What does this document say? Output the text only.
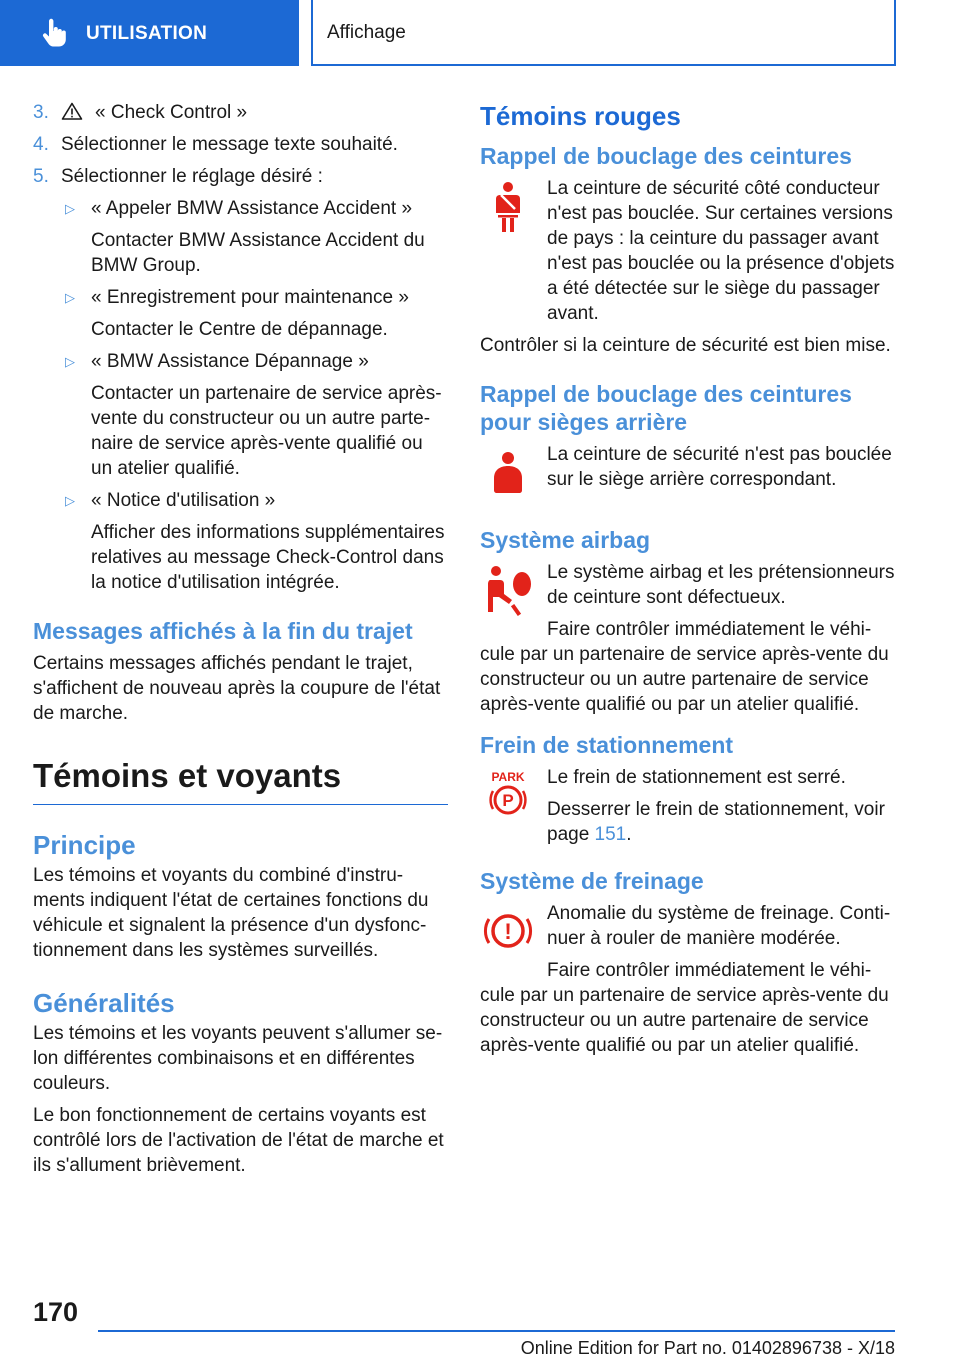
UTILISATION	Affichage
3.	« Check Control »
4. Sélectionner le message texte souhaité.
5. Sélectionner le réglage désiré :
▷ « Appeler BMW Assistance Accident »

Contacter BMW Assistance Accident du BMW Group.

▷ « Enregistrement pour maintenance »

Contacter le Centre de dépannage.

▷ « BMW Assistance Dépannage »

Contacter un partenaire de service après-vente du constructeur ou un autre parte‐naire de service après-vente qualifié ou un atelier qualifié.

▷ « Notice d'utilisation »

Afficher des informations supplémentaires relatives au message Check-Control dans la notice d'utilisation intégrée.

Messages affichés à la fin du trajet

Certains messages affichés pendant le trajet, s'affichent de nouveau après la coupure de l'état de marche.

Témoins et voyants
Principe

Les témoins et voyants du combiné d'instru‐ments indiquent l'état de certaines fonctions du véhicule et signalent la présence d'un dysfonc‐tionnement dans les systèmes surveillés.

Généralités

Les témoins et les voyants peuvent s'allumer se‐lon différentes combinaisons et en différentes couleurs.

Le bon fonctionnement de certains voyants est contrôlé lors de l'activation de l'état de marche et ils s'allument brièvement.

Témoins rouges
Rappel de bouclage des ceintures

La ceinture de sécurité côté conducteur n'est pas bouclée. Sur certaines versions de pays : la ceinture du passager avant n'est pas bouclée ou la présence d'objets a été détectée sur le siège du passager avant.

Contrôler si la ceinture de sécurité est bien mise.

Rappel de bouclage des ceintures pour sièges arrière

La ceinture de sécurité n'est pas bouclée sur le siège arrière correspondant.

Système airbag

Le système airbag et les prétensionneurs de ceinture sont défectueux.

Faire contrôler immédiatement le véhi‐cule par un partenaire de service après-vente du constructeur ou un autre partenaire de service après-vente qualifié ou par un atelier qualifié.

Frein de stationnement
PARK
P

Le frein de stationnement est serré.

Desserrer le frein de stationnement, voir page 151.

Système de freinage
!

Anomalie du système de freinage. Conti‐nuer à rouler de manière modérée.

Faire contrôler immédiatement le véhi‐cule par un partenaire de service après-vente du constructeur ou un autre partenaire de service après-vente qualifié ou par un atelier qualifié.

170
Online Edition for Part no. 01402896738 - X/18
